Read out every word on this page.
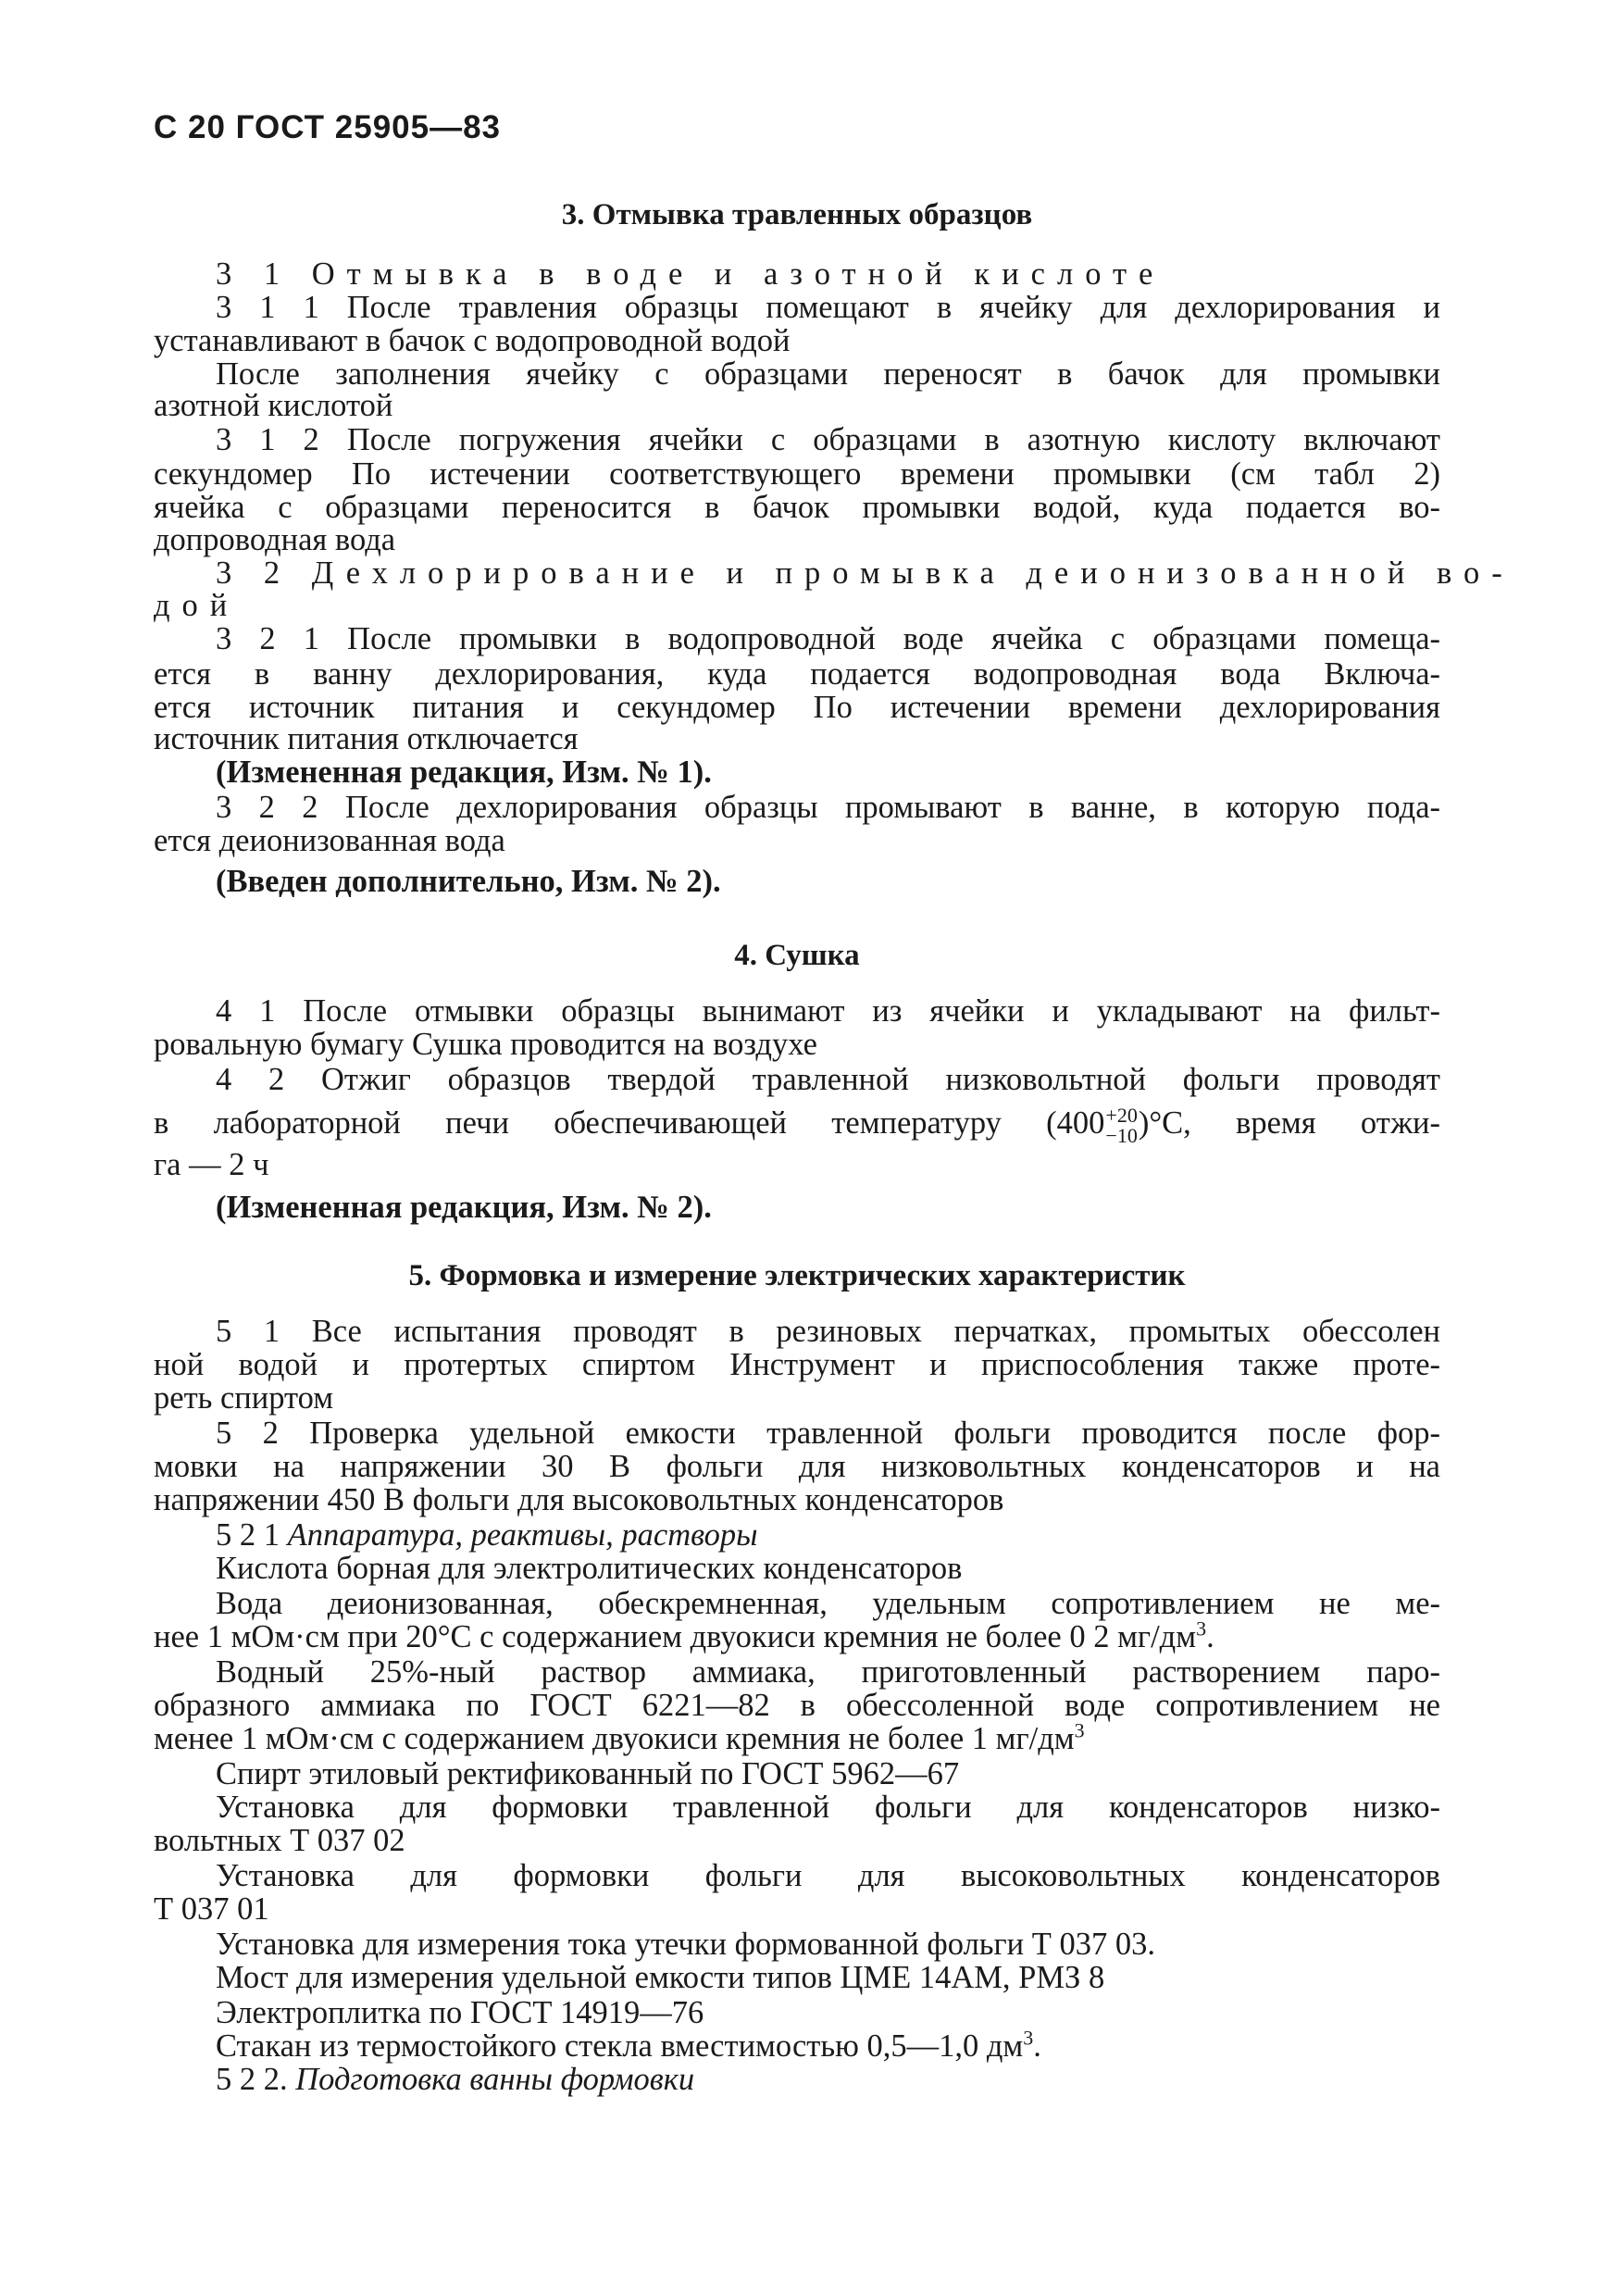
С 20 ГОСТ 25905—83

3. Отмывка травленных образцов

3 1 Отмывка в воде и азотной кислоте

3 1 1 После травления образцы помещают в ячейку для дехлорирования и

устанавливают в бачок с водопроводной водой

После заполнения ячейку с образцами переносят в бачок для промывки

азотной кислотой

3 1 2 После погружения ячейки с образцами в азотную кислоту включают

секундомер По истечении соответствующего времени промывки (см табл 2)

ячейка с образцами переносится в бачок промывки водой, куда подается во-

допроводная вода

3 2 Дехлорирование и промывка деионизованной во-

дой

3 2 1 После промывки в водопроводной воде ячейка с образцами помеща-

ется в ванну дехлорирования, куда подается водопроводная вода Включа-

ется источник питания и секундомер По истечении времени дехлорирования

источник питания отключается

(Измененная редакция, Изм. № 1).

3 2 2 После дехлорирования образцы промывают в ванне, в которую пода-

ется деионизованная вода

(Введен дополнительно, Изм. № 2).

4. Сушка

4 1 После отмывки образцы вынимают из ячейки и укладывают на фильт-

ровальную бумагу Сушка проводится на воздухе

4 2 Отжиг образцов твердой травленной низковольтной фольги проводят

в лабораторной печи обеспечивающей температуру (400 +20
−10 )°С, время отжи-

га — 2 ч

(Измененная редакция, Изм. № 2).

5. Формовка и измерение электрических характеристик

5 1 Все испытания проводят в резиновых перчатках, промытых обессолен

ной водой и протертых спиртом Инструмент и приспособления также проте-

реть спиртом

5 2 Проверка удельной емкости травленной фольги проводится после фор-

мовки на напряжении 30 В фольги для низковольтных конденсаторов и на

напряжении 450 В фольги для высоковольтных конденсаторов

5 2 1 Аппаратура, реактивы, растворы

Кислота борная для электролитических конденсаторов

Вода деионизованная, обескремненная, удельным сопротивлением не ме-

нее 1 мОм·см при 20°С с содержанием двуокиси кремния не более 0 2 $мг/дм^3$.

Водный 25%-ный раствор аммиака, приготовленный растворением паро-

образного аммиака по ГОСТ 6221—82 в обессоленной воде сопротивлением не

менее 1 мОм·см с содержанием двуокиси кремния не более 1 $мг/дм^3$

Спирт этиловый ректификованный по ГОСТ 5962—67

Установка для формовки травленной фольги для конденсаторов низко-

вольтных Т 037 02

Установка для формовки фольги для высоковольтных конденсаторов

Т 037 01

Установка для измерения тока утечки формованной фольги Т 037 03.

Мост для измерения удельной емкости типов ЦМЕ 14АМ, РМЗ 8

Электроплитка по ГОСТ 14919—76

Стакан из термостойкого стекла вместимостью 0,5—1,0 $дм^3$.

5 2 2. Подготовка ванны формовки
